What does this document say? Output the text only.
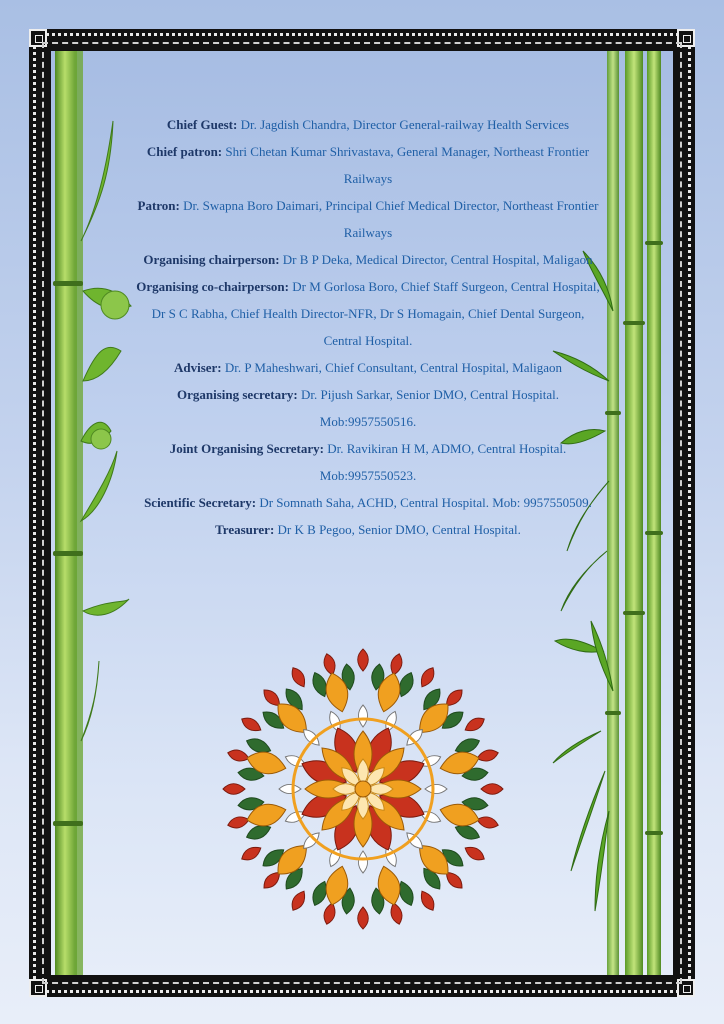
Chief Guest: Dr. Jagdish Chandra, Director General-railway Health Services

Chief patron: Shri Chetan Kumar Shrivastava, General Manager, Northeast Frontier Railways

Patron: Dr. Swapna Boro Daimari, Principal Chief Medical Director, Northeast Frontier Railways

Organising chairperson: Dr B P Deka, Medical Director, Central Hospital, Maligaon

Organising co-chairperson: Dr M Gorlosa Boro, Chief Staff Surgeon, Central Hospital, Dr S C Rabha, Chief Health Director-NFR, Dr S Homagain, Chief Dental Surgeon, Central Hospital.

Adviser: Dr. P Maheshwari, Chief Consultant, Central Hospital, Maligaon

Organising secretary: Dr. Pijush Sarkar, Senior DMO, Central Hospital. Mob:9957550516.

Joint Organising Secretary: Dr. Ravikiran H M, ADMO, Central Hospital. Mob:9957550523.

Scientific Secretary: Dr Somnath Saha, ACHD, Central Hospital. Mob: 9957550509.

Treasurer: Dr K B Pegoo, Senior DMO, Central Hospital.
